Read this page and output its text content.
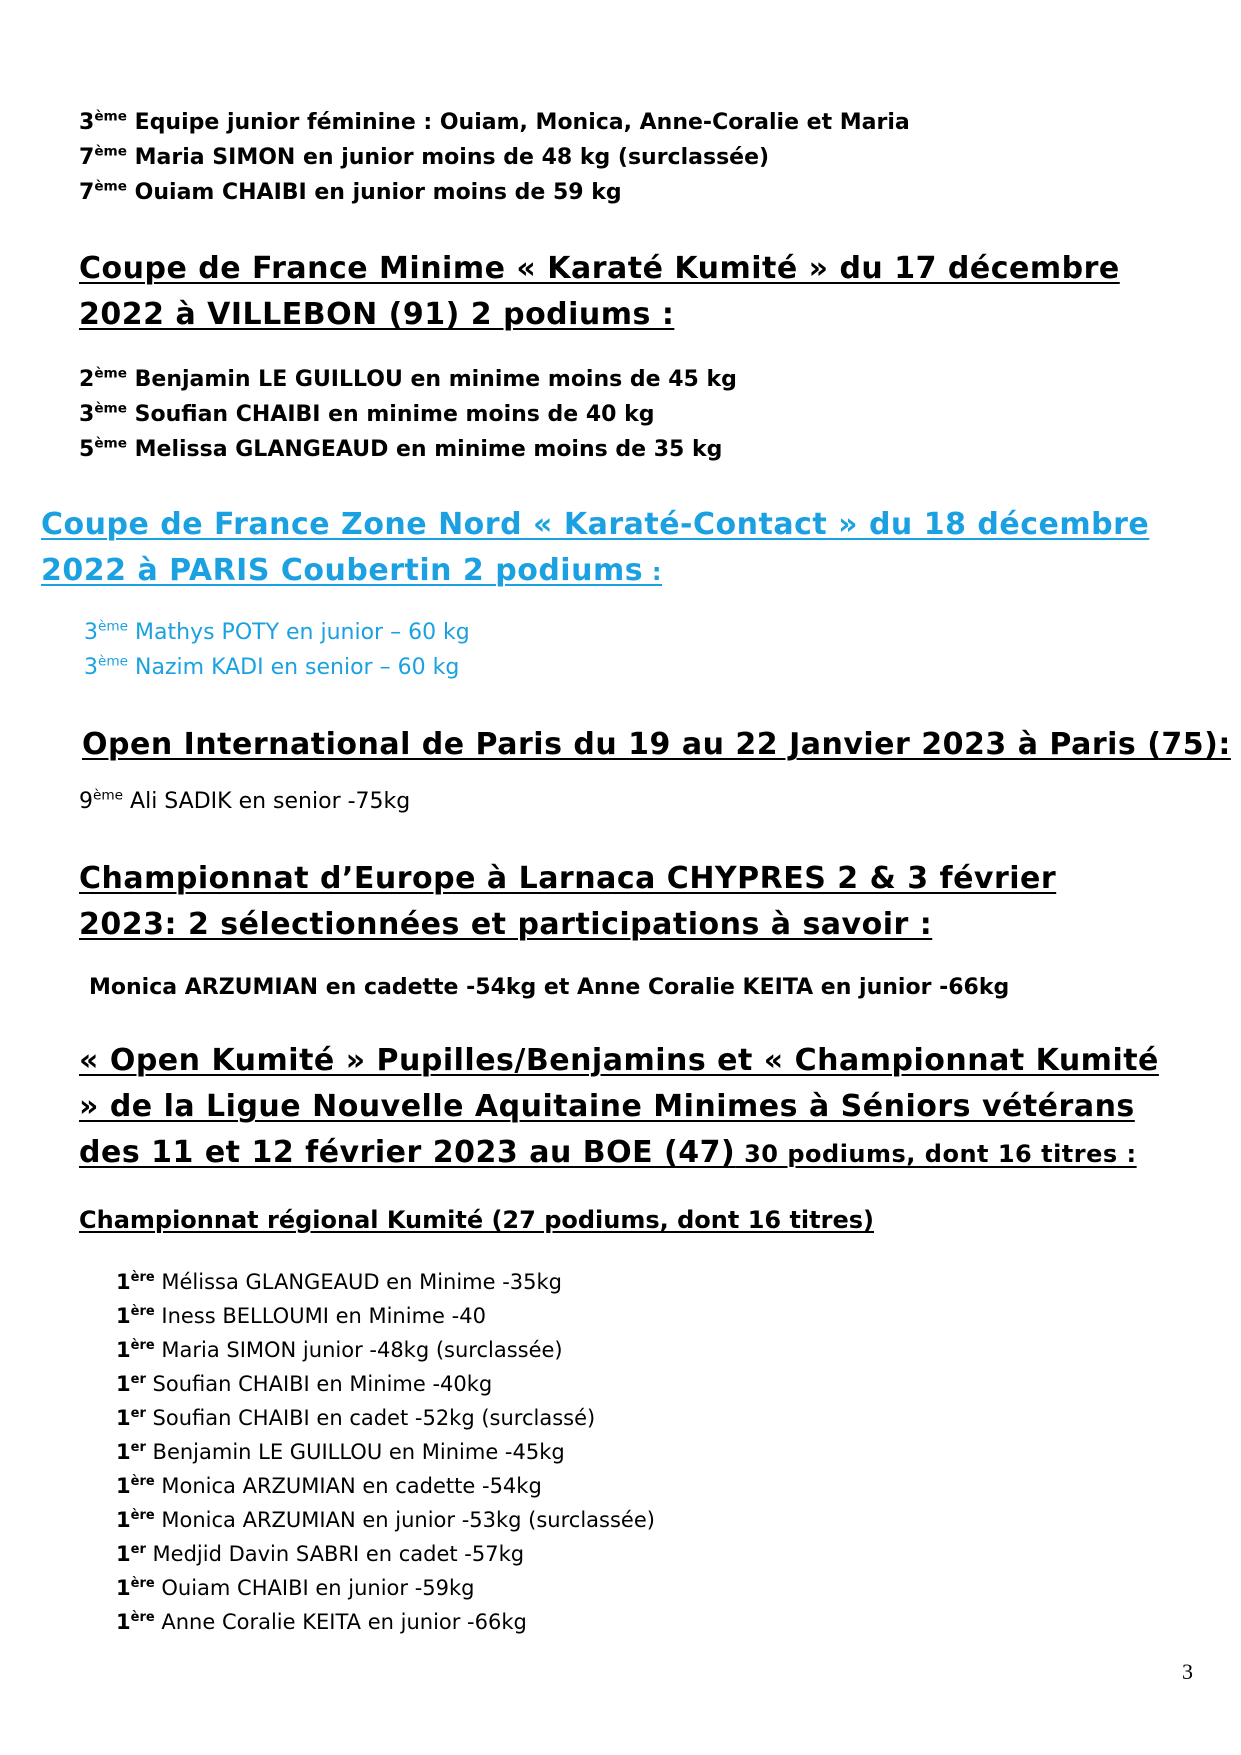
3ème Equipe junior féminine : Ouiam, Monica, Anne-Coralie et Maria
7ème Maria SIMON en junior moins de 48 kg (surclassée)
7ème Ouiam CHAIBI en junior moins de 59 kg
Coupe de France Minime « Karaté Kumité » du 17 décembre 2022 à VILLEBON (91) 2 podiums :
2ème Benjamin LE GUILLOU en minime moins de 45 kg
3ème Soufian CHAIBI en minime moins de 40 kg
5ème Melissa GLANGEAUD en minime moins de 35 kg
Coupe de France Zone Nord « Karaté-Contact » du 18 décembre 2022 à PARIS Coubertin 2 podiums :
3ème Mathys POTY en junior – 60 kg
3ème Nazim KADI en senior – 60 kg
Open International de Paris du 19 au 22 Janvier 2023 à Paris (75):
9ème Ali SADIK en senior -75kg
Championnat d’Europe à Larnaca CHYPRES 2 & 3 février 2023: 2 sélectionnées et participations à savoir :
Monica ARZUMIAN en cadette -54kg et Anne Coralie KEITA en junior -66kg
« Open Kumité » Pupilles/Benjamins et « Championnat Kumité » de la Ligue Nouvelle Aquitaine Minimes à Séniors vétérans des 11 et 12 février 2023 au BOE (47) 30 podiums, dont 16 titres :
Championnat régional Kumité (27 podiums, dont 16 titres)
1ère Mélissa GLANGEAUD en Minime -35kg
1ère Iness BELLOUMI en Minime -40
1ère Maria SIMON junior -48kg (surclassée)
1er Soufian CHAIBI en Minime -40kg
1er Soufian CHAIBI en cadet -52kg (surclassé)
1er Benjamin LE GUILLOU en Minime -45kg
1ère Monica ARZUMIAN en cadette -54kg
1ère Monica ARZUMIAN en junior -53kg (surclassée)
1er Medjid Davin SABRI en cadet -57kg
1ère Ouiam CHAIBI en junior -59kg
1ère Anne Coralie KEITA en junior -66kg
3
